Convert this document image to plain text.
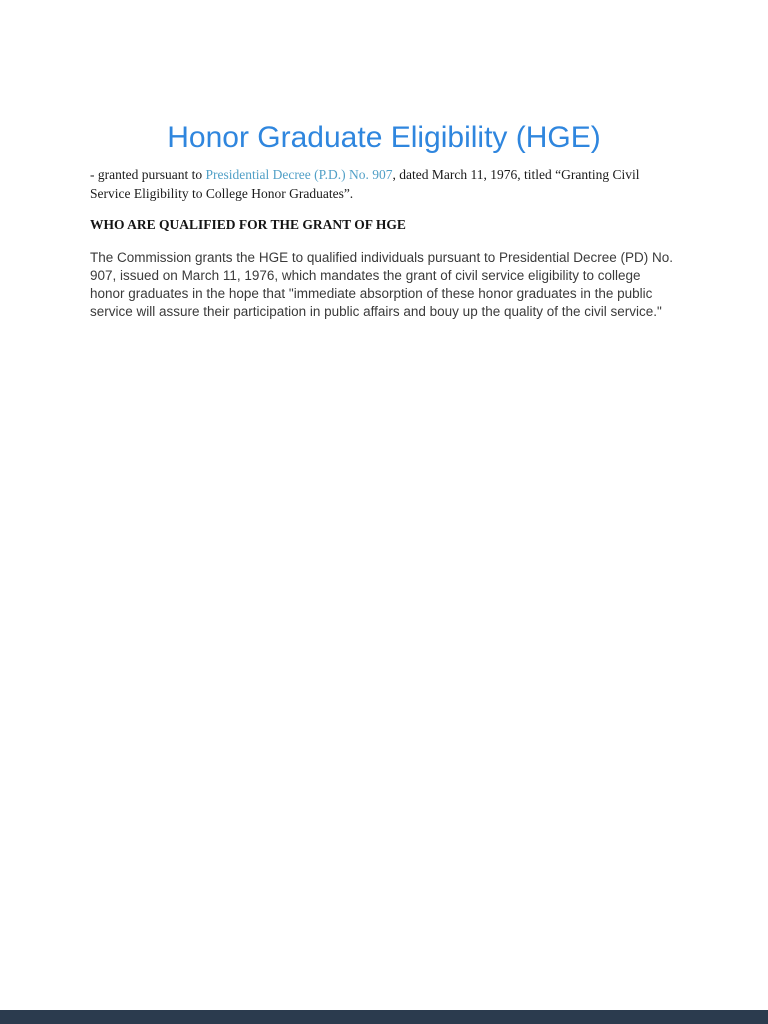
Honor Graduate Eligibility (HGE)

- granted pursuant to Presidential Decree (P.D.) No. 907, dated March 11, 1976, titled “Granting Civil Service Eligibility to College Honor Graduates”.

WHO ARE QUALIFIED FOR THE GRANT OF HGE

The Commission grants the HGE to qualified individuals pursuant to Presidential Decree (PD) No. 907, issued on March 11, 1976, which mandates the grant of civil service eligibility to college honor graduates in the hope that "immediate absorption of these honor graduates in the public service will assure their participation in public affairs and bouy up the quality of the civil service."
